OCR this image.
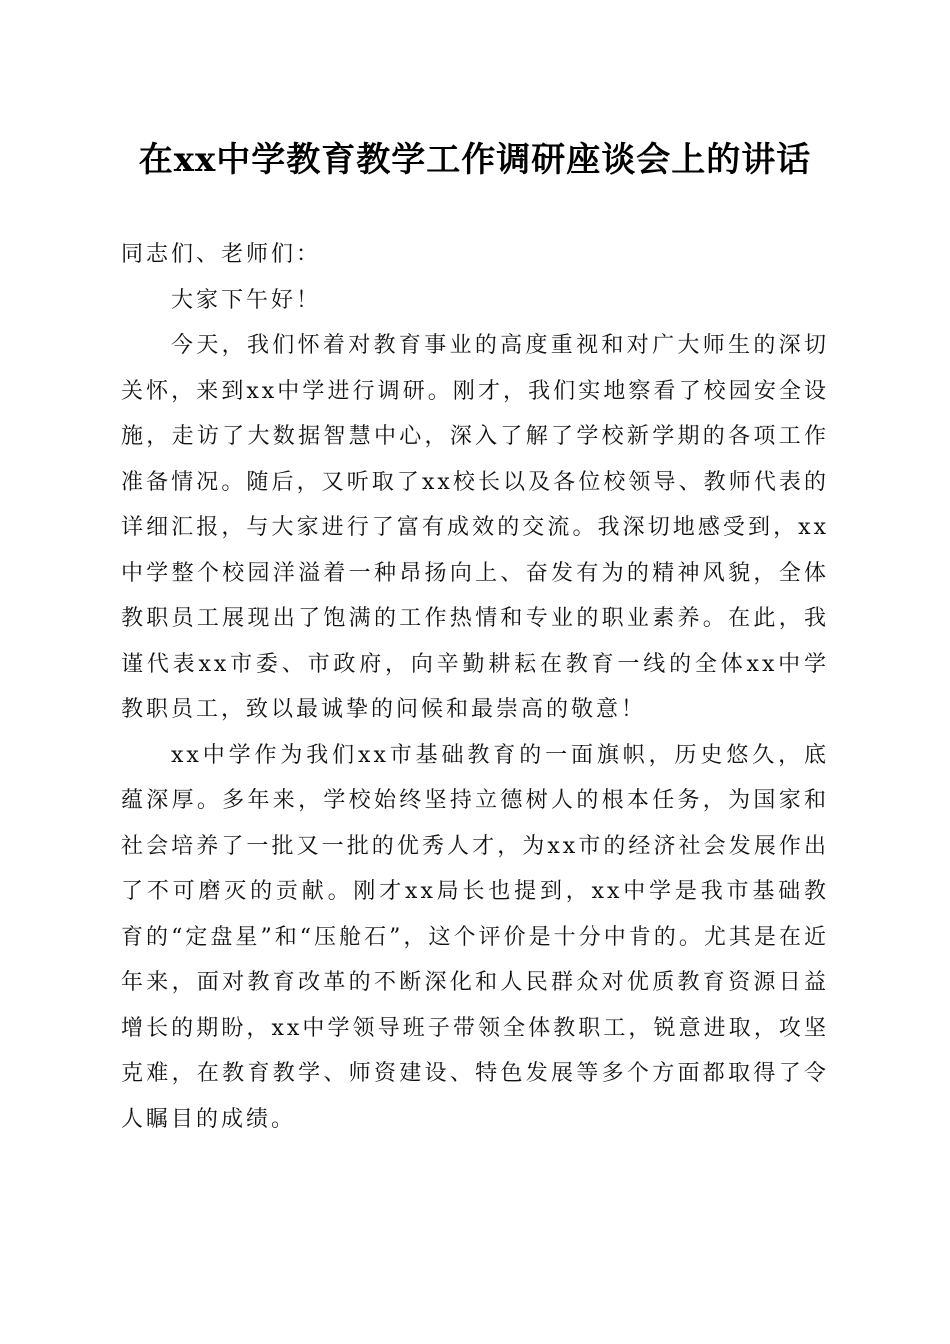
在xx中学教育教学工作调研座谈会上的讲话

同志们、老师们：

大家下午好！

今天，我们怀着对教育事业的高度重视和对广大师生的深切关怀，来到xx中学进行调研。刚才，我们实地察看了校园安全设施，走访了大数据智慧中心，深入了解了学校新学期的各项工作准备情况。随后，又听取了xx校长以及各位校领导、教师代表的详细汇报，与大家进行了富有成效的交流。我深切地感受到，xx中学整个校园洋溢着一种昂扬向上、奋发有为的精神风貌，全体教职员工展现出了饱满的工作热情和专业的职业素养。在此，我谨代表xx市委、市政府，向辛勤耕耘在教育一线的全体xx中学教职员工，致以最诚挚的问候和最崇高的敬意！

xx中学作为我们xx市基础教育的一面旗帜，历史悠久，底蕴深厚。多年来，学校始终坚持立德树人的根本任务，为国家和社会培养了一批又一批的优秀人才，为xx市的经济社会发展作出了不可磨灭的贡献。刚才xx局长也提到，xx中学是我市基础教育的“定盘星”和“压舱石”，这个评价是十分中肯的。尤其是在近年来，面对教育改革的不断深化和人民群众对优质教育资源日益增长的期盼，xx中学领导班子带领全体教职工，锐意进取，攻坚克难，在教育教学、师资建设、特色发展等多个方面都取得了令人瞩目的成绩。
